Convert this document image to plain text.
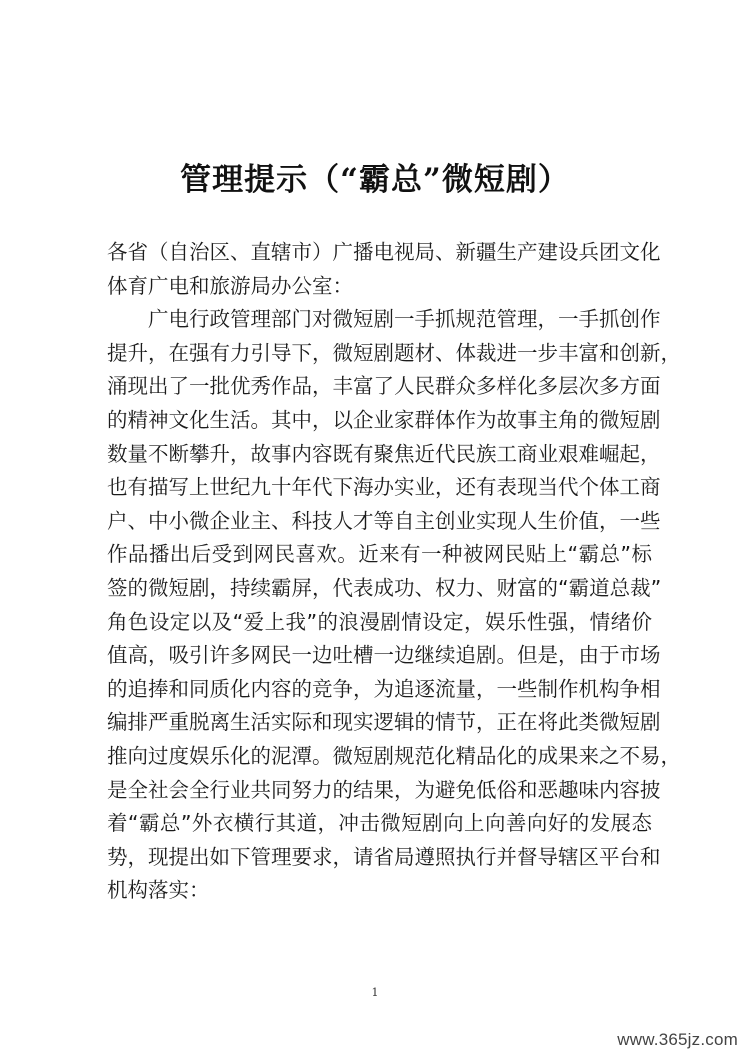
管理提示（“霸总”微短剧）
各省（自治区、直辖市）广播电视局、新疆生产建设兵团文化
体育广电和旅游局办公室：
广电行政管理部门对微短剧一手抓规范管理，一手抓创作
提升，在强有力引导下，微短剧题材、体裁进一步丰富和创新，
涌现出了一批优秀作品，丰富了人民群众多样化多层次多方面
的精神文化生活。其中，以企业家群体作为故事主角的微短剧
数量不断攀升，故事内容既有聚焦近代民族工商业艰难崛起，
也有描写上世纪九十年代下海办实业，还有表现当代个体工商
户、中小微企业主、科技人才等自主创业实现人生价值，一些
作品播出后受到网民喜欢。近来有一种被网民贴上“霸总”标
签的微短剧，持续霸屏，代表成功、权力、财富的“霸道总裁”
角色设定以及“爱上我”的浪漫剧情设定，娱乐性强，情绪价
值高，吸引许多网民一边吐槽一边继续追剧。但是，由于市场
的追捧和同质化内容的竞争，为追逐流量，一些制作机构争相
编排严重脱离生活实际和现实逻辑的情节，正在将此类微短剧
推向过度娱乐化的泥潭。微短剧规范化精品化的成果来之不易，
是全社会全行业共同努力的结果，为避免低俗和恶趣味内容披
着“霸总”外衣横行其道，冲击微短剧向上向善向好的发展态
势，现提出如下管理要求，请省局遵照执行并督导辖区平台和
机构落实：
1
www.365jz.com
